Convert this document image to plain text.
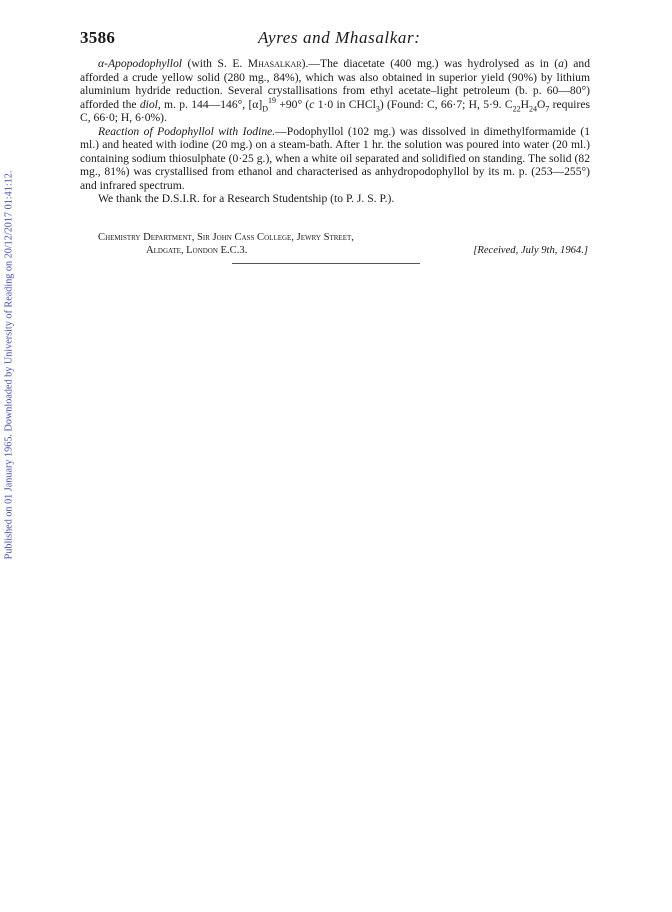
Published on 01 January 1965. Downloaded by University of Reading on 20/12/2017 01:41:12.
3586	Ayres and Mhasalkar:

α-Apopodophyllol (with S. E. Mhasalkar).—The diacetate (400 mg.) was hydrolysed as in (a) and afforded a crude yellow solid (280 mg., 84%), which was also obtained in superior yield (90%) by lithium aluminium hydride reduction. Several crystallisations from ethyl acetate–light petroleum (b. p. 60—80°) afforded the diol, m. p. 144—146°, $[\alpha]_D^{19} +90^\circ$ (c 1·0 in CHCl$_3$) (Found: C, 66·7; H, 5·9. $C_{22}H_{24}O_7$ requires C, 66·0; H, 6·0%).

Reaction of Podophyllol with Iodine.—Podophyllol (102 mg.) was dissolved in dimethylformamide (1 ml.) and heated with iodine (20 mg.) on a steam-bath. After 1 hr. the solution was poured into water (20 ml.) containing sodium thiosulphate (0·25 g.), when a white oil separated and solidified on standing. The solid (82 mg., 81%) was crystallised from ethanol and characterised as anhydropodophyllol by its m. p. (253—255°) and infrared spectrum.

We thank the D.S.I.R. for a Research Studentship (to P. J. S. P.).

Chemistry Department, Sir John Cass College, Jewry Street,

Aldgate, London E.C.3.	[Received, July 9th, 1964.]
